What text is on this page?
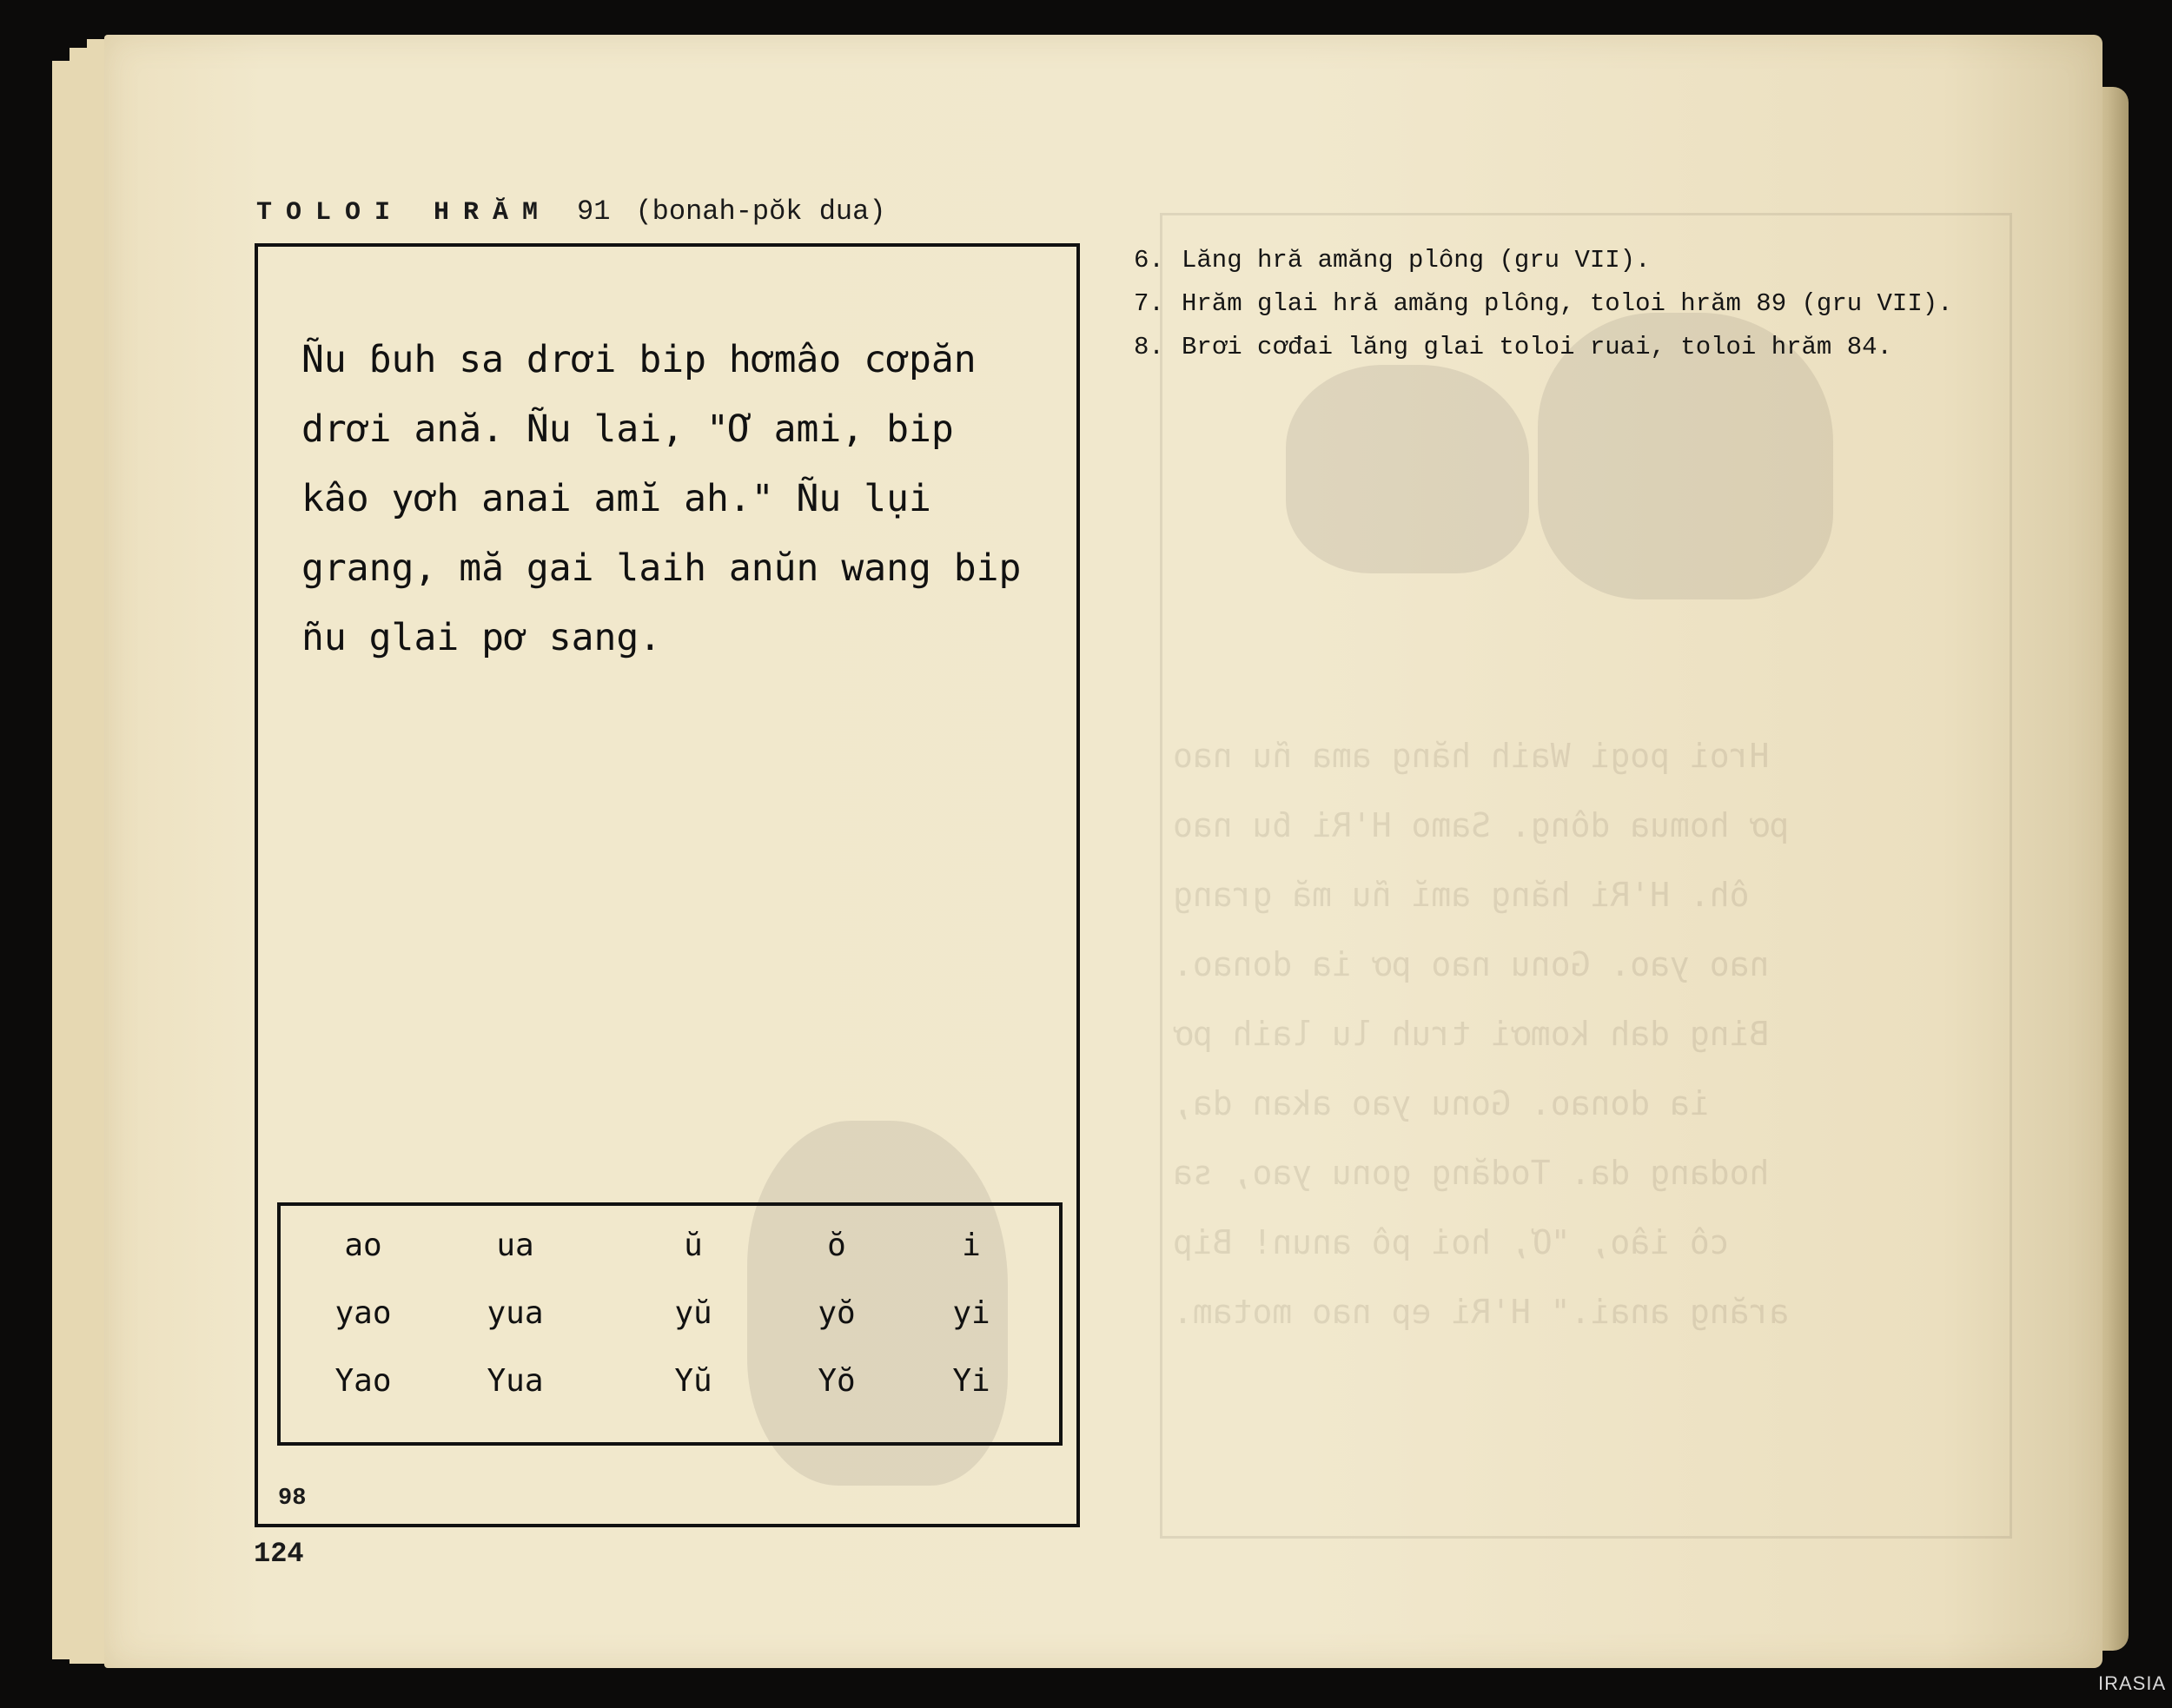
Hroi pogi Waih hăng ama ñu nao
pơ homua dông. Samo H'Ri ɓu nao
ôh. H'Ri hăng amĭ ñu mă grang
nao yao. Gonu nao pơ ia donao.
Bing dah komơi truh lu laih pơ
ia donao. Gonu yao akan da,
hodang da. Todăng gonu yao, sa
cô iâo, "Ơ, hoi pô anun! Bip
arăng anai." H'Ri ep nao motam.
TOLOI HRĂM 91 (bonah-pŏk dua)
Ñu ɓuh sa drơi bip hơmâo cơpăn
drơi ană. Ñu lai, "Ơ ami, bip
kâo yơh anai amĭ ah." Ñu lụi
grang, mă gai laih anŭn wang bip
ñu glai pơ sang.
ao	ua	ŭ	ŏ	i
yao	yua	yŭ	yŏ	yi
Yao	Yua	Yŭ	Yŏ	Yi
98
124
6. Lăng hră amăng plông (gru VII).
7. Hrăm glai hră amăng plông, toloi hrăm 89 (gru VII).
8. Brơi cơđai lăng glai toloi ruai, toloi hrăm 84.
IRASIA
